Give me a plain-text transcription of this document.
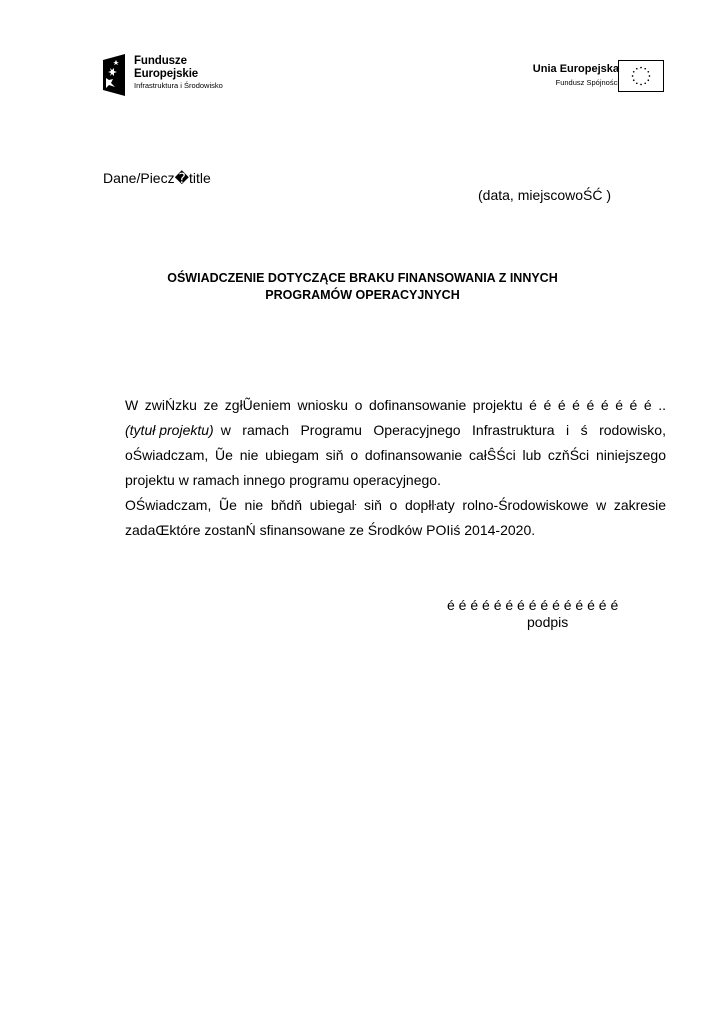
Fundusze
Europejskie
Infrastruktura i Środowisko
Unia Europejska
Fundusz Spójności
Dane/Piecz�title
(data, miejscowoŚĆ )
OŚWIADCZENIE DOTYCZĄCE BRAKU FINANSOWANIA Z INNYCH
PROGRAMÓW OPERACYJNYCH
W zwiŃzku ze zgłŨeniem wniosku o dofinansowanie projektu é é é é é é é é é ..
(tytuł projektu) w ramach Programu Operacyjnego Infrastruktura i ś rodowisko,
oŚwiadczam, Ũe nie ubiegam siň o dofinansowanie całŜŚci lub czňŚci niniejszego
projektu w ramach innego programu operacyjnego.
OŚwiadczam, Ũe nie bňdň ubiegaŀ siň o dopłŀaty rolno-Środowiskowe w zakresie
zadaŒktóre zostanŃ sfinansowane ze Środków POIiś 2014-2020.
é é é é é é é é é é é é é é é
podpis
